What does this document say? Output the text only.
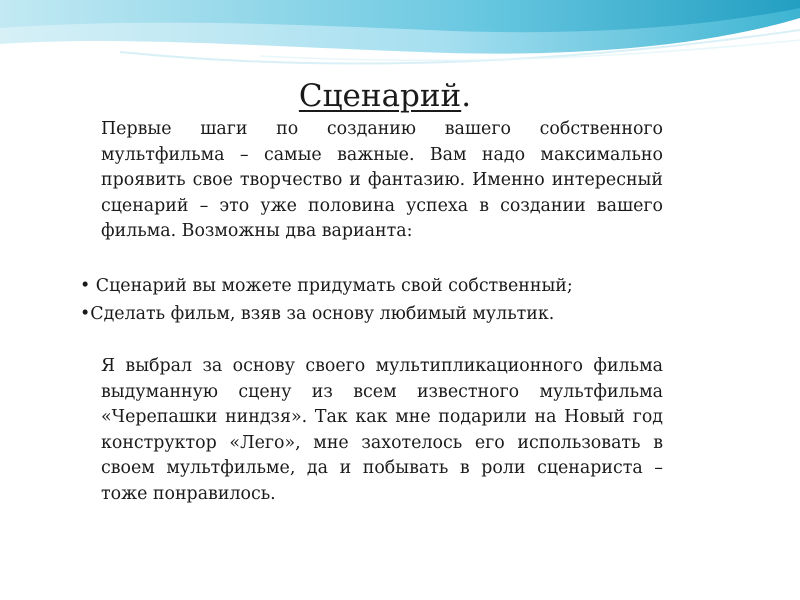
Сценарий.

Первые шаги по созданию вашего собственного мультфильма – самые важные. Вам надо максимально проявить свое творчество и фантазию. Именно интересный сценарий – это уже половина успеха в создании вашего фильма. Возможны два варианта:

• Сценарий вы можете придумать свой собственный;
•Сделать фильм, взяв за основу любимый мультик.

Я выбрал за основу своего мультипликационного фильма выдуманную сцену из всем известного мультфильма «Черепашки ниндзя». Так как мне подарили на Новый год конструктор «Лего», мне захотелось его использовать в своем мультфильме, да и побывать в роли сценариста – тоже понравилось.
